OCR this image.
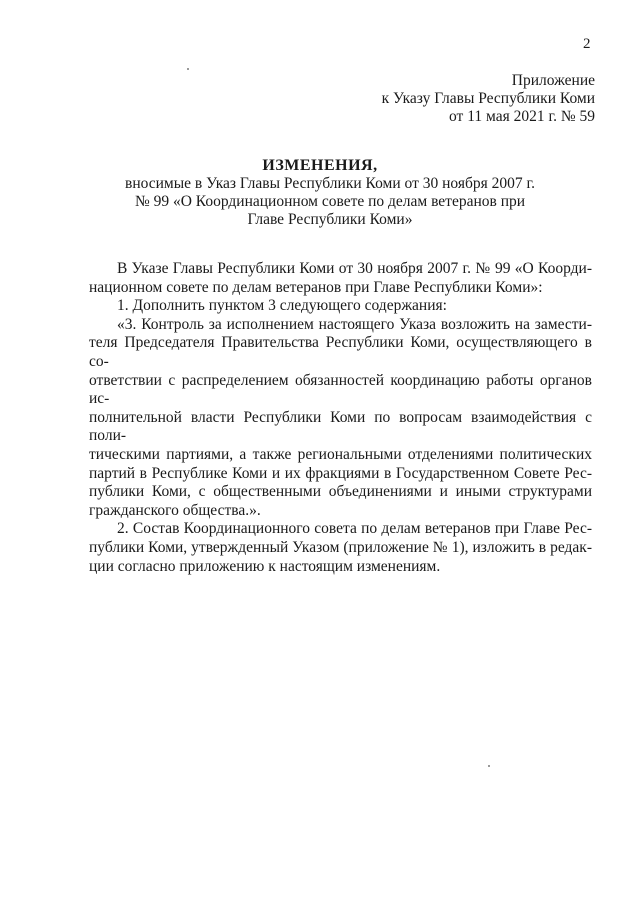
2
Приложение
к Указу Главы Республики Коми
от 11 мая 2021 г. № 59
ИЗМЕНЕНИЯ,
вносимые в Указ Главы Республики Коми от 30 ноября 2007 г.
№ 99 «О Координационном совете по делам ветеранов при
Главе Республики Коми»
В Указе Главы Республики Коми от 30 ноября 2007 г. № 99 «О Коорди-
национном совете по делам ветеранов при Главе Республики Коми»:
1. Дополнить пунктом 3 следующего содержания:
«3. Контроль за исполнением настоящего Указа возложить на замести-
теля Председателя Правительства Республики Коми, осуществляющего в со-
ответствии с распределением обязанностей координацию работы органов ис-
полнительной власти Республики Коми по вопросам взаимодействия с поли-
тическими партиями, а также региональными отделениями политических
партий в Республике Коми и их фракциями в Государственном Совете Рес-
публики Коми, с общественными объединениями и иными структурами
гражданского общества.».
2. Состав Координационного совета по делам ветеранов при Главе Рес-
публики Коми, утвержденный Указом (приложение № 1), изложить в редак-
ции согласно приложению к настоящим изменениям.
